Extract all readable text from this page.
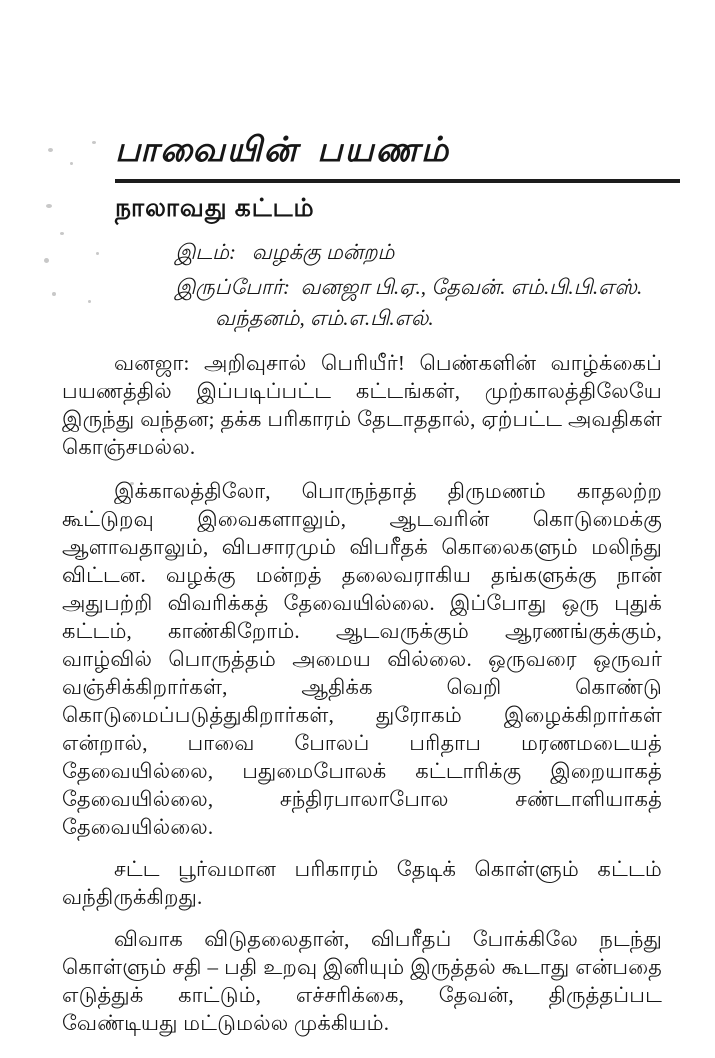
பாவையின் பயணம்
நாலாவது கட்டம்
இடம்: வழக்கு மன்றம்
இருப்போர்: வனஜா பி.ஏ., தேவன். எம்.பி.பி.எஸ்.
வந்தனம், எம்.எ.பி.எல்.

வனஜா: அறிவுசால் பெரியீர்! பெண்களின் வாழ்க்கைப் பயணத்தில் இப்படிப்பட்ட கட்டங்கள், முற்காலத்திலேயே இருந்து வந்தன; தக்க பரிகாரம் தேடாததால், ஏற்பட்ட அவதிகள் கொஞ்சமல்ல.

இக்காலத்திலோ, பொருந்தாத் திருமணம் காதலற்ற கூட்டுறவு இவைகளாலும், ஆடவரின் கொடுமைக்கு ஆளாவதாலும், விபசாரமும் விபரீதக் கொலைகளும் மலிந்து விட்டன. வழக்கு மன்றத் தலைவராகிய தங்களுக்கு நான் அதுபற்றி விவரிக்கத் தேவையில்லை. இப்போது ஒரு புதுக் கட்டம், காண்கிறோம். ஆடவருக்கும் ஆரணங்குக்கும், வாழ்வில் பொருத்தம் அமைய வில்லை. ஒருவரை ஒருவர் வஞ்சிக்கிறார்கள், ஆதிக்க வெறி கொண்டு கொடுமைப்படுத்துகிறார்கள், துரோகம் இழைக்கிறார்கள் என்றால், பாவை போலப் பரிதாப மரணமடையத் தேவையில்லை, பதுமைபோலக் கட்டாரிக்கு இறையாகத் தேவையில்லை, சந்திரபாலாபோல சண்டாளியாகத் தேவையில்லை.

சட்ட பூர்வமான பரிகாரம் தேடிக் கொள்ளும் கட்டம் வந்திருக்கிறது.

விவாக விடுதலைதான், விபரீதப் போக்கிலே நடந்து கொள்ளும் சதி – பதி உறவு இனியும் இருத்தல் கூடாது என்பதை எடுத்துக் காட்டும், எச்சரிக்கை, தேவன், திருத்தப்பட வேண்டியது மட்டுமல்ல முக்கியம்.
